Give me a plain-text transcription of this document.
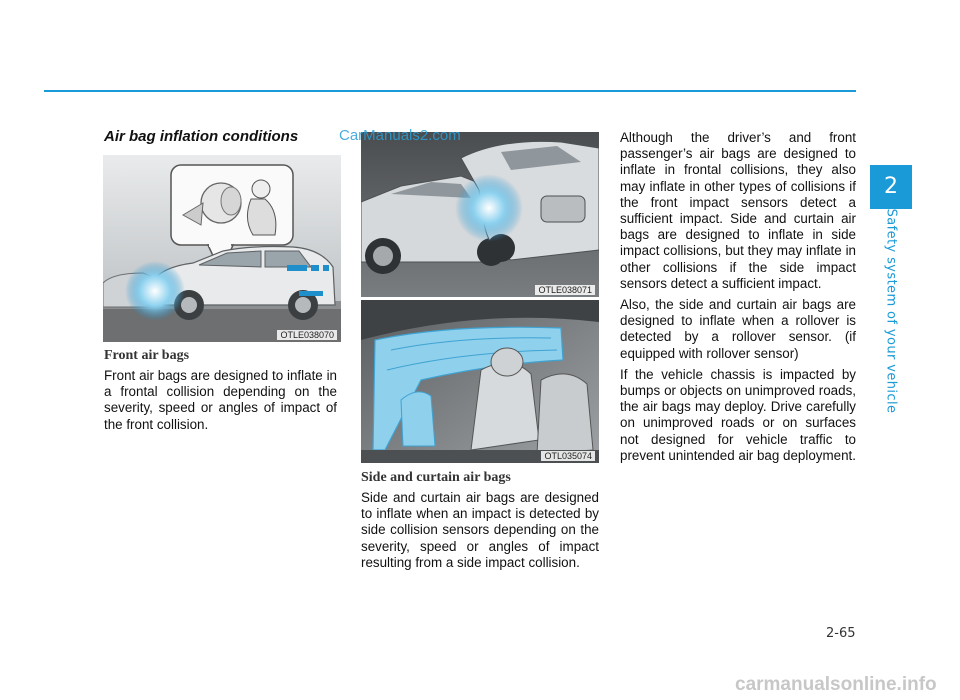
2
Safety system of your vehicle
Air bag inflation conditions
OTLE038070
Front air bags
Front air bags are designed to inflate in a frontal collision depending on the severity, speed or angles of impact of the front collision.
OTLE038071
OTL035074
Side and curtain air bags
Side and curtain air bags are designed to inflate when an impact is detected by side collision sensors depending on the severity, speed or angles of impact resulting from a side impact collision.

Although the driver’s and front passenger’s air bags are designed to inflate in frontal collisions, they also may inflate in other types of collisions if the front impact sensors detect a sufficient impact. Side and curtain air bags are designed to inflate in side impact collisions, but they may inflate in other collisions if the side impact sensors detect a sufficient impact.

Also, the side and curtain air bags are designed to inflate when a rollover is detected by a rollover sensor. (if equipped with rollover sensor)

If the vehicle chassis is impacted by bumps or objects on unimproved roads, the air bags may deploy. Drive carefully on unimproved roads or on surfaces not designed for vehicle traffic to prevent unintended air bag deployment.

CarManuals2.com
2-65
carmanualsonline.info
